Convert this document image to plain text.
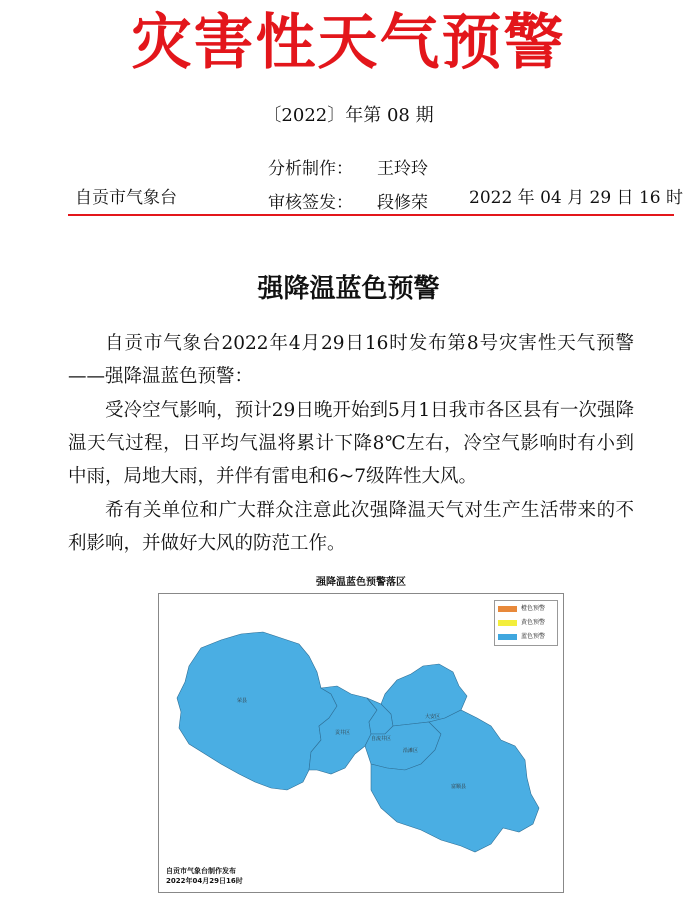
灾害性天气预警
〔2022〕年第 08 期
自贡市气象台
分析制作： 王玲玲
审核签发： 段修荣 2022 年 04 月 29 日 16 时
强降温蓝色预警
自贡市气象台2022年4月29日16时发布第8号灾害性天气预警——强降温蓝色预警：
受冷空气影响，预计29日晚开始到5月1日我市各区县有一次强降温天气过程，日平均气温将累计下降8℃左右，冷空气影响时有小到中雨，局地大雨，并伴有雷电和6~7级阵性大风。
希有关单位和广大群众注意此次强降温天气对生产生活带来的不利影响，并做好大风的防范工作。
强降温蓝色预警落区
荣县
贡井区
自流井区
大安区
沿滩区
富顺县
橙色预警
黄色预警
蓝色预警
自贡市气象台制作发布
2022年04月29日16时
